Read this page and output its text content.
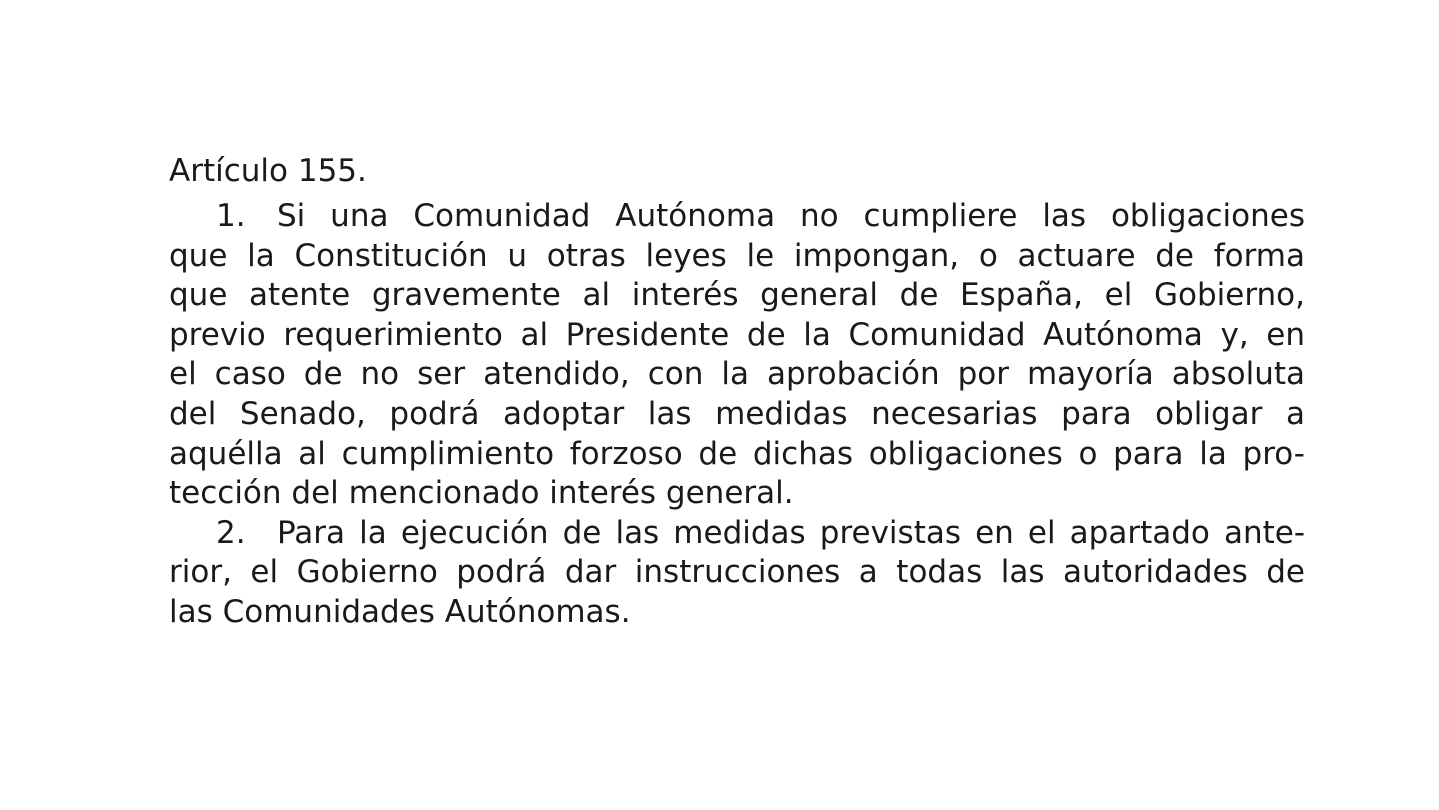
Artículo 155.
1. Si una Comunidad Autónoma no cumpliere las obligaciones
que la Constitución u otras leyes le impongan, o actuare de forma
que atente gravemente al interés general de España, el Gobierno,
previo requerimiento al Presidente de la Comunidad Autónoma y, en
el caso de no ser atendido, con la aprobación por mayoría absoluta
del Senado, podrá adoptar las medidas necesarias para obligar a
aquélla al cumplimiento forzoso de dichas obligaciones o para la pro-
tección del mencionado interés general.
2. Para la ejecución de las medidas previstas en el apartado ante-
rior, el Gobierno podrá dar instrucciones a todas las autoridades de
las Comunidades Autónomas.
